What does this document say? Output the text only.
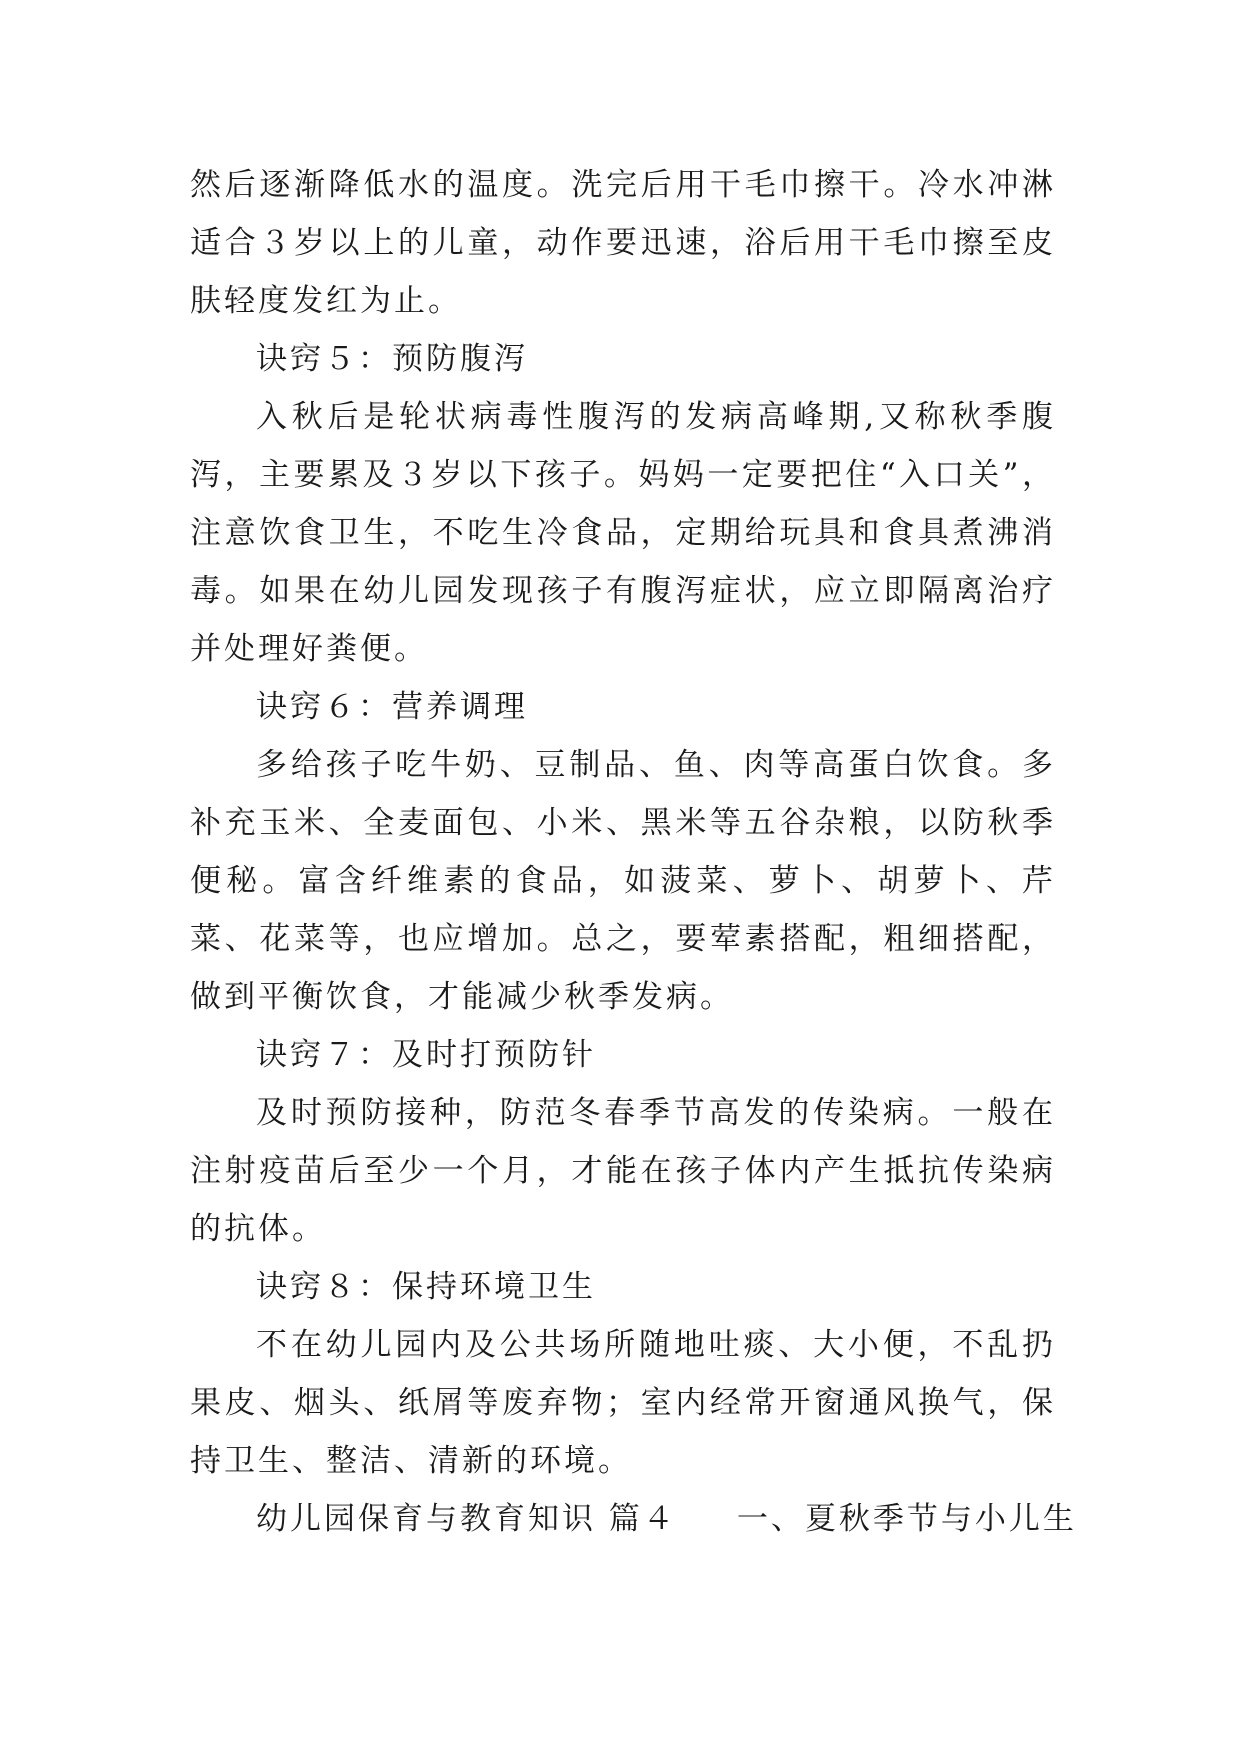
然后逐渐降低水的温度。洗完后用干毛巾擦干。冷水冲淋适合３岁以上的儿童，动作要迅速，浴后用干毛巾擦至皮肤轻度发红为止。

诀窍５：预防腹泻

入秋后是轮状病毒性腹泻的发病高峰期,又称秋季腹泻，主要累及３岁以下孩子。妈妈一定要把住“入口关”，注意饮食卫生，不吃生冷食品，定期给玩具和食具煮沸消毒。如果在幼儿园发现孩子有腹泻症状，应立即隔离治疗并处理好粪便。

诀窍６：营养调理

多给孩子吃牛奶、豆制品、鱼、肉等高蛋白饮食。多补充玉米、全麦面包、小米、黑米等五谷杂粮，以防秋季便秘。富含纤维素的食品，如菠菜、萝卜、胡萝卜、芹菜、花菜等，也应增加。总之，要荤素搭配，粗细搭配，做到平衡饮食，才能减少秋季发病。

诀窍７：及时打预防针

及时预防接种，防范冬春季节高发的传染病。一般在注射疫苗后至少一个月，才能在孩子体内产生抵抗传染病的抗体。

诀窍８：保持环境卫生

不在幼儿园内及公共场所随地吐痰、大小便，不乱扔果皮、烟头、纸屑等废弃物；室内经常开窗通风换气，保持卫生、整洁、清新的环境。

幼儿园保育与教育知识 篇４ 一、夏秋季节与小儿生
